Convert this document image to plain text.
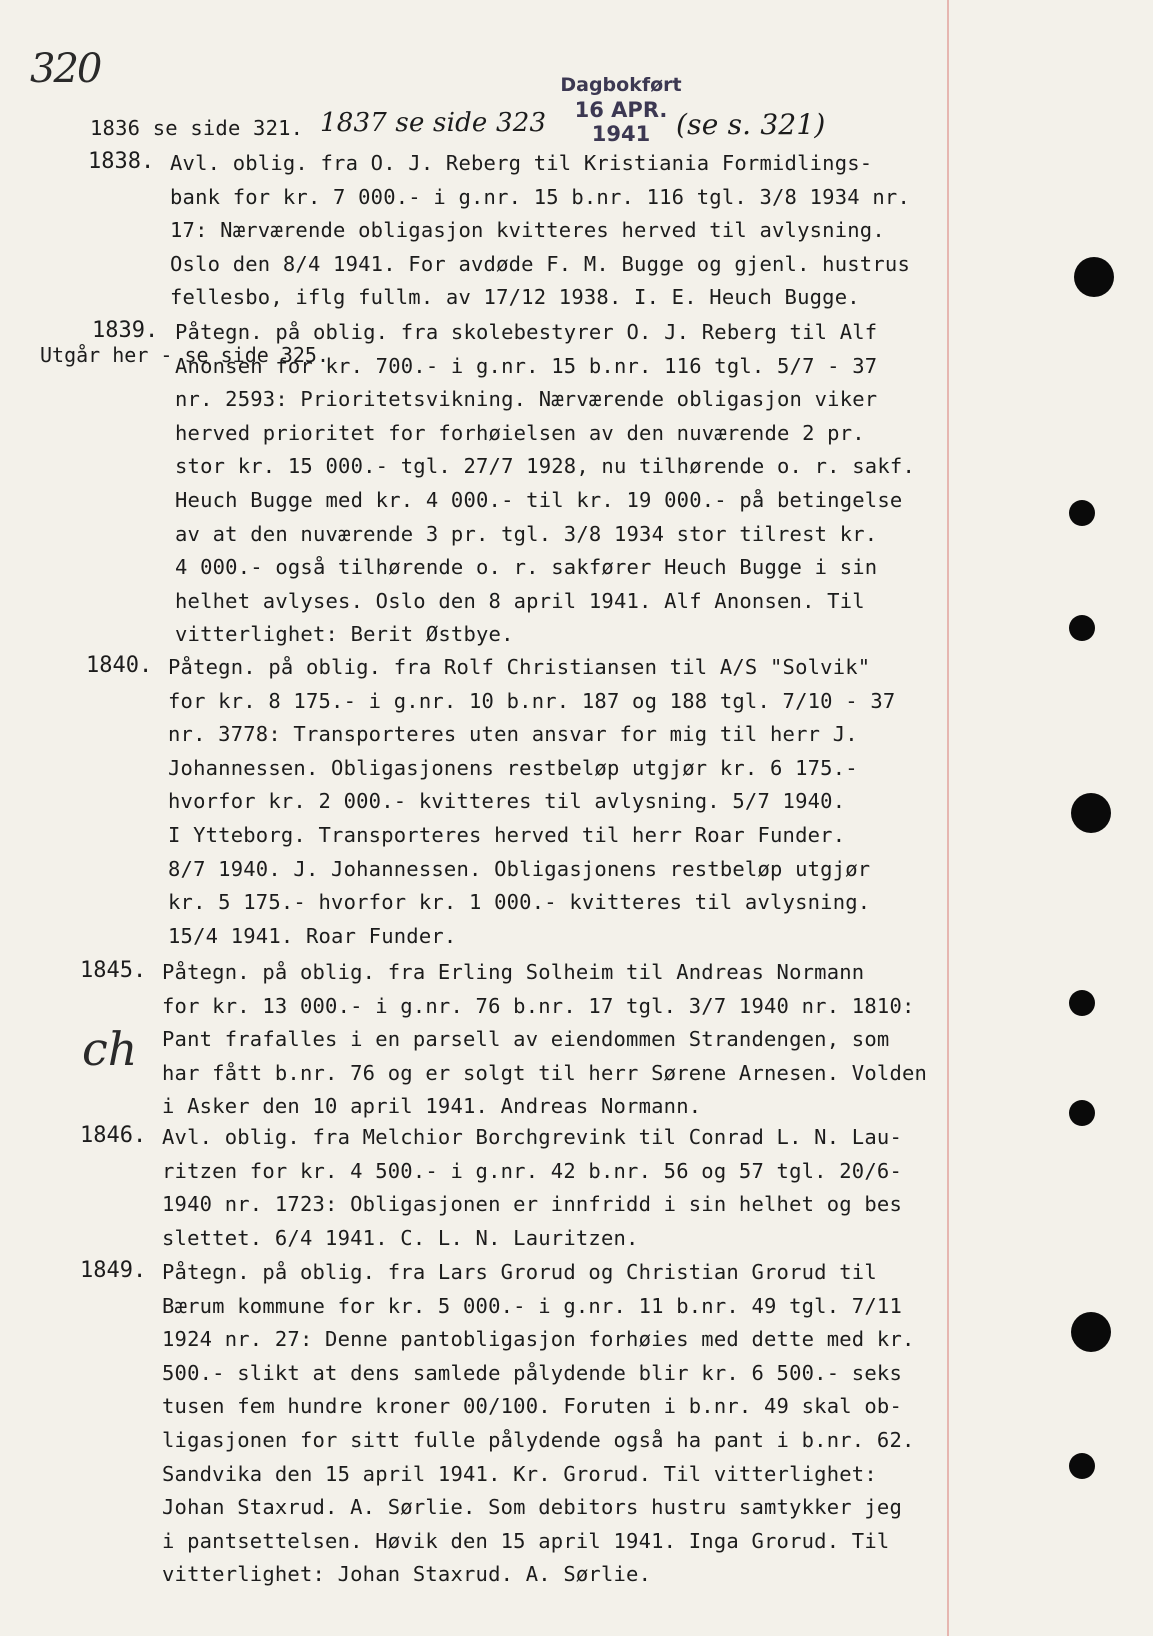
320	Dagbokført
16 APR. 1941
1836 se side 321. 1837 se side 323	(se s. 321)
Utgår her - se side 325.
ch
1838. Avl. oblig. fra O. J. Reberg til Kristiania Formidlings-
bank for kr. 7 000.- i g.nr. 15 b.nr. 116 tgl. 3/8 1934 nr.
17: Nærværende obligasjon kvitteres herved til avlysning.
Oslo den 8/4 1941. For avdøde F. M. Bugge og gjenl. hustrus
fellesbo, iflg fullm. av 17/12 1938. I. E. Heuch Bugge.
1839. Påtegn. på oblig. fra skolebestyrer O. J. Reberg til Alf
Anonsen for kr. 700.- i g.nr. 15 b.nr. 116 tgl. 5/7 - 37
nr. 2593: Prioritetsvikning. Nærværende obligasjon viker
herved prioritet for forhøielsen av den nuværende 2 pr.
stor kr. 15 000.- tgl. 27/7 1928, nu tilhørende o. r. sakf.
Heuch Bugge med kr. 4 000.- til kr. 19 000.- på betingelse
av at den nuværende 3 pr. tgl. 3/8 1934 stor tilrest kr.
4 000.- også tilhørende o. r. sakfører Heuch Bugge i sin
helhet avlyses. Oslo den 8 april 1941. Alf Anonsen. Til
vitterlighet: Berit Østbye.
1840. Påtegn. på oblig. fra Rolf Christiansen til A/S "Solvik"
for kr. 8 175.- i g.nr. 10 b.nr. 187 og 188 tgl. 7/10 - 37
nr. 3778: Transporteres uten ansvar for mig til herr J.
Johannessen. Obligasjonens restbeløp utgjør kr. 6 175.-
hvorfor kr. 2 000.- kvitteres til avlysning. 5/7 1940.
I Ytteborg. Transporteres herved til herr Roar Funder.
8/7 1940. J. Johannessen. Obligasjonens restbeløp utgjør
kr. 5 175.- hvorfor kr. 1 000.- kvitteres til avlysning.
15/4 1941. Roar Funder.
1845. Påtegn. på oblig. fra Erling Solheim til Andreas Normann
for kr. 13 000.- i g.nr. 76 b.nr. 17 tgl. 3/7 1940 nr. 1810:
Pant frafalles i en parsell av eiendommen Strandengen, som
har fått b.nr. 76 og er solgt til herr Sørene Arnesen. Volden
i Asker den 10 april 1941. Andreas Normann.
1846. Avl. oblig. fra Melchior Borchgrevink til Conrad L. N. Lau-
ritzen for kr. 4 500.- i g.nr. 42 b.nr. 56 og 57 tgl. 20/6-
1940 nr. 1723: Obligasjonen er innfridd i sin helhet og bes
slettet. 6/4 1941. C. L. N. Lauritzen.
1849. Påtegn. på oblig. fra Lars Grorud og Christian Grorud til
Bærum kommune for kr. 5 000.- i g.nr. 11 b.nr. 49 tgl. 7/11
1924 nr. 27: Denne pantobligasjon forhøies med dette med kr.
500.- slikt at dens samlede pålydende blir kr. 6 500.- seks
tusen fem hundre kroner 00/100. Foruten i b.nr. 49 skal ob-
ligasjonen for sitt fulle pålydende også ha pant i b.nr. 62.
Sandvika den 15 april 1941. Kr. Grorud. Til vitterlighet:
Johan Staxrud. A. Sørlie. Som debitors hustru samtykker jeg
i pantsettelsen. Høvik den 15 april 1941. Inga Grorud. Til
vitterlighet: Johan Staxrud. A. Sørlie.
